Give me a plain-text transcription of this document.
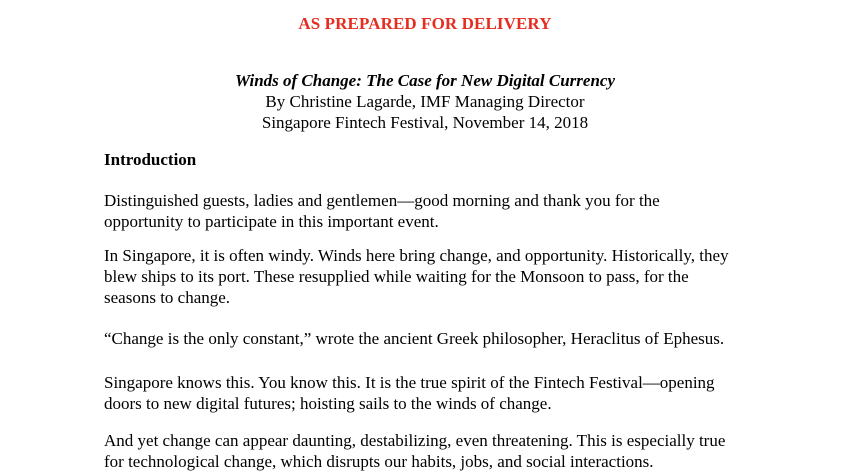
AS PREPARED FOR DELIVERY
Winds of Change: The Case for New Digital Currency
By Christine Lagarde, IMF Managing Director
Singapore Fintech Festival, November 14, 2018
Introduction

Distinguished guests, ladies and gentlemen—good morning and thank you for the
opportunity to participate in this important event.

In Singapore, it is often windy. Winds here bring change, and opportunity. Historically, they
blew ships to its port. These resupplied while waiting for the Monsoon to pass, for the
seasons to change.

“Change is the only constant,” wrote the ancient Greek philosopher, Heraclitus of Ephesus.

Singapore knows this. You know this. It is the true spirit of the Fintech Festival—opening
doors to new digital futures; hoisting sails to the winds of change.

And yet change can appear daunting, destabilizing, even threatening. This is especially true
for technological change, which disrupts our habits, jobs, and social interactions.
